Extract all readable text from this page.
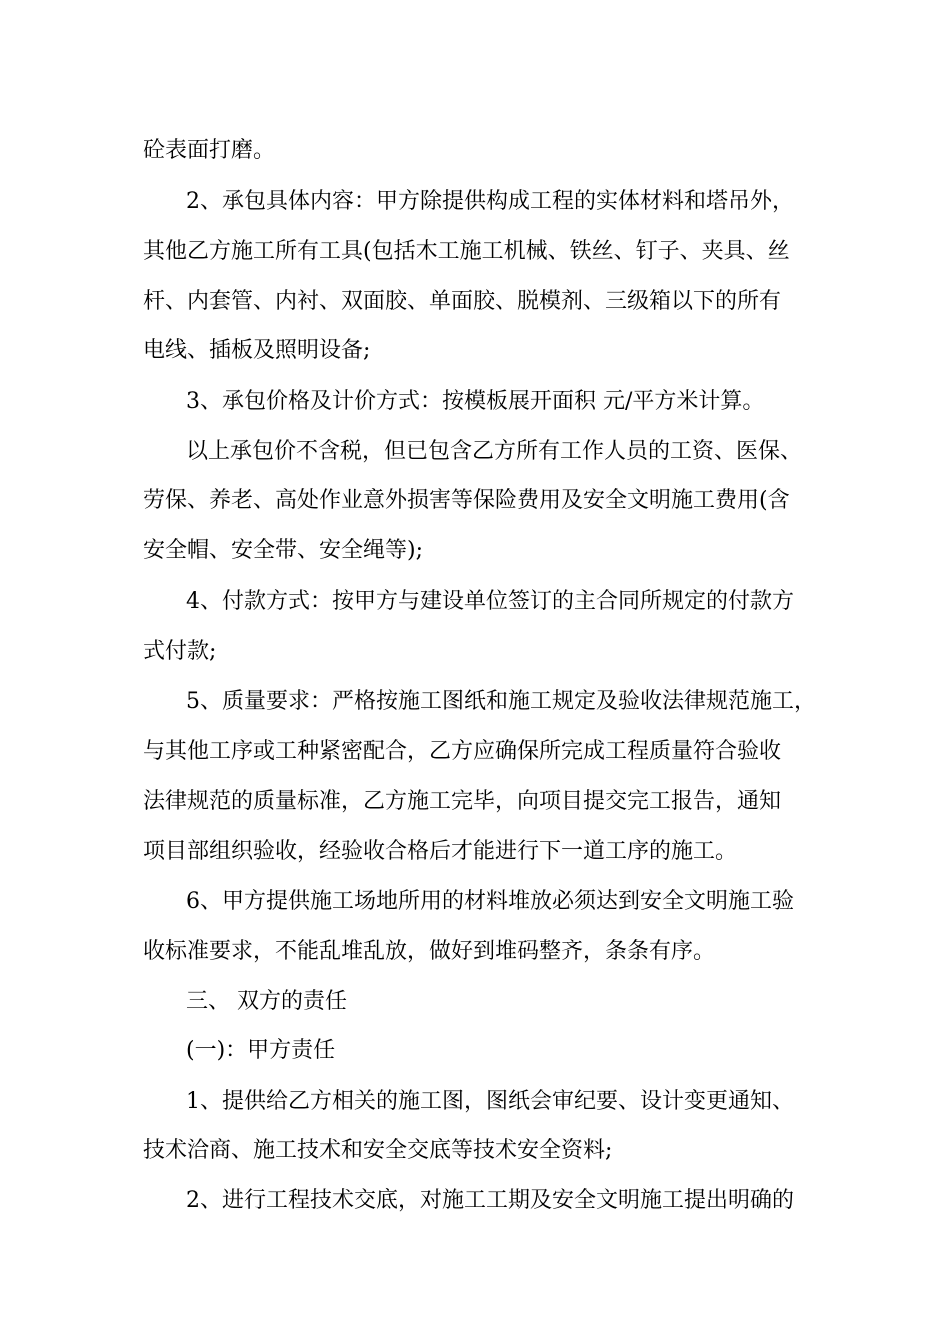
砼表面打磨。
2、承包具体内容：甲方除提供构成工程的实体材料和塔吊外，
其他乙方施工所有工具(包括木工施工机械、铁丝、钉子、夹具、丝
杆、内套管、内衬、双面胶、单面胶、脱模剂、三级箱以下的所有
电线、插板及照明设备;
3、承包价格及计价方式：按模板展开面积 元/平方米计算。
以上承包价不含税，但已包含乙方所有工作人员的工资、医保、
劳保、养老、高处作业意外损害等保险费用及安全文明施工费用(含
安全帽、安全带、安全绳等);
4、付款方式：按甲方与建设单位签订的主合同所规定的付款方
式付款;
5、质量要求：严格按施工图纸和施工规定及验收法律规范施工，
与其他工序或工种紧密配合，乙方应确保所完成工程质量符合验收
法律规范的质量标准，乙方施工完毕，向项目提交完工报告，通知
项目部组织验收，经验收合格后才能进行下一道工序的施工。
6、甲方提供施工场地所用的材料堆放必须达到安全文明施工验
收标准要求，不能乱堆乱放，做好到堆码整齐，条条有序。
三、 双方的责任
(一)：甲方责任
1、提供给乙方相关的施工图，图纸会审纪要、设计变更通知、
技术洽商、施工技术和安全交底等技术安全资料;
2、进行工程技术交底，对施工工期及安全文明施工提出明确的
